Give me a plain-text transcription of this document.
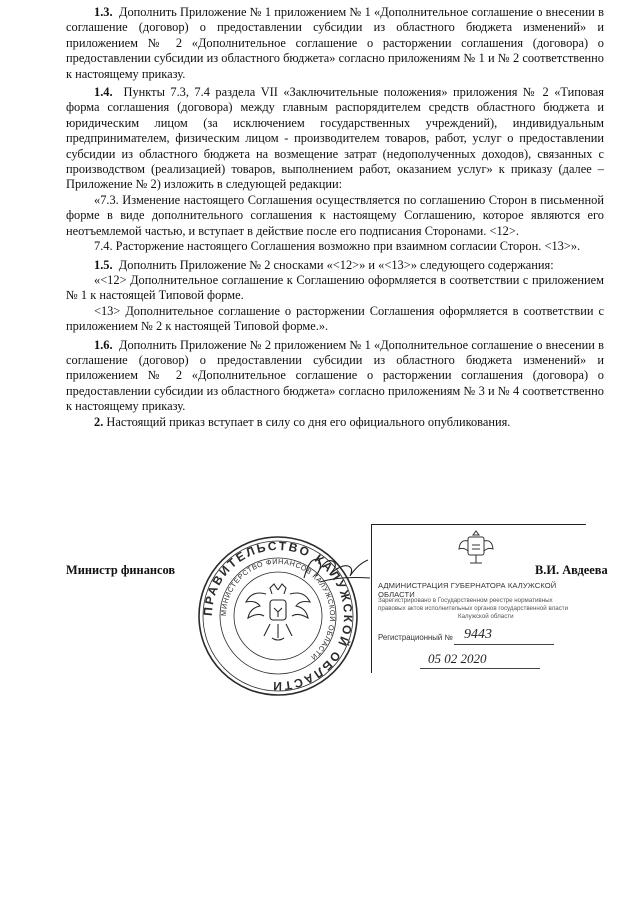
1.3. Дополнить Приложение № 1 приложением № 1 «Дополнительное соглашение о внесении в соглашение (договор) о предоставлении субсидии из областного бюджета изменений» и приложением № 2 «Дополнительное соглашение о расторжении соглашения (договора) о предоставлении субсидии из областного бюджета» согласно приложениям № 1 и № 2 соответственно к настоящему приказу.

1.4. Пункты 7.3, 7.4 раздела VII «Заключительные положения» приложения № 2 «Типовая форма соглашения (договора) между главным распорядителем средств областного бюджета и юридическим лицом (за исключением государственных учреждений), индивидуальным предпринимателем, физическим лицом - производителем товаров, работ, услуг о предоставлении субсидии из областного бюджета на возмещение затрат (недополученных доходов), связанных с производством (реализацией) товаров, выполнением работ, оказанием услуг» к приказу (далее – Приложение № 2) изложить в следующей редакции:

«7.3. Изменение настоящего Соглашения осуществляется по соглашению Сторон в письменной форме в виде дополнительного соглашения к настоящему Соглашению, которое являются его неотъемлемой частью, и вступает в действие после его подписания Сторонами. <12>.

7.4. Расторжение настоящего Соглашения возможно при взаимном согласии Сторон. <13>».

1.5. Дополнить Приложение № 2 сносками «<12>» и «<13>» следующего содержания:

«<12> Дополнительное соглашение к Соглашению оформляется в соответствии с приложением № 1 к настоящей Типовой форме.

<13> Дополнительное соглашение о расторжении Соглашения оформляется в соответствии с приложением № 2 к настоящей Типовой форме.».

1.6. Дополнить Приложение № 2 приложением № 1 «Дополнительное соглашение о внесении в соглашение (договор) о предоставлении субсидии из областного бюджета изменений» и приложением № 2 «Дополнительное соглашение о расторжении соглашения (договора) о предоставлении субсидии из областного бюджета» согласно приложениям № 3 и № 4 соответственно к настоящему приказу.

2. Настоящий приказ вступает в силу со дня его официального опубликования.

ПРАВИТЕЛЬСТВО КАЛУЖСКОЙ ОБЛАСТИ
МИНИСТЕРСТВО ФИНАНСОВ КАЛУЖСКОЙ ОБЛАСТИ
Министр финансов	В.И. Авдеева
АДМИНИСТРАЦИЯ ГУБЕРНАТОРА КАЛУЖСКОЙ ОБЛАСТИ
Зарегистрировано в Государственном реестре нормативных
правовых актов исполнительных органов государственной власти
Калужской области
Регистрационный № 9443
05 02 2020
